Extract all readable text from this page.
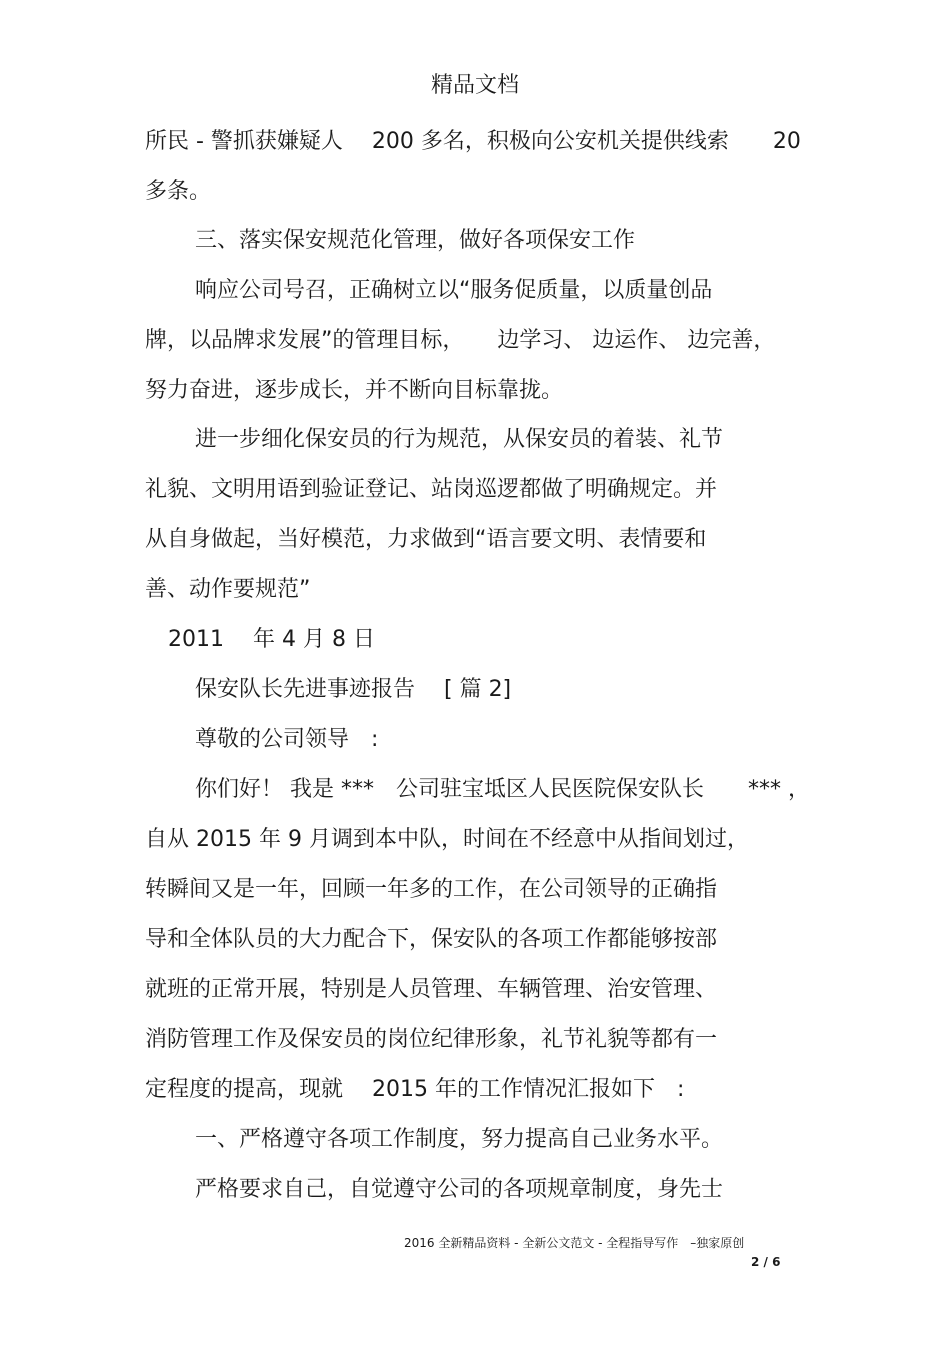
精品文档
所民 - 警抓获嫌疑人　 200 多名，积极向公安机关提供线索　　20
多条。
三、落实保安规范化管理，做好各项保安工作
响应公司号召，正确树立以“服务促质量，以质量创品
牌，以品牌求发展”的管理目标，　　边学习、 边运作、 边完善，
努力奋进，逐步成长，并不断向目标靠拢。
进一步细化保安员的行为规范，从保安员的着装、礼节
礼貌、文明用语到验证登记、站岗巡逻都做了明确规定。并
从自身做起，当好模范，力求做到“语言要文明、表情要和
善、动作要规范”
2011　 年 4 月 8 日
保安队长先进事迹报告　 [ 篇 2]
尊敬的公司领导　:
你们好！ 我是 ***　公司驻宝坻区人民医院保安队长　　*** ，
自从 2015 年 9 月调到本中队，时间在不经意中从指间划过，
转瞬间又是一年，回顾一年多的工作，在公司领导的正确指
导和全体队员的大力配合下，保安队的各项工作都能够按部
就班的正常开展，特别是人员管理、车辆管理、治安管理、
消防管理工作及保安员的岗位纪律形象，礼节礼貌等都有一
定程度的提高，现就　 2015 年的工作情况汇报如下　:
一、严格遵守各项工作制度，努力提高自己业务水平。
严格要求自己，自觉遵守公司的各项规章制度，身先士
2016 全新精品资料 - 全新公文范文 - 全程指导写作　–独家原创
2 / 6
